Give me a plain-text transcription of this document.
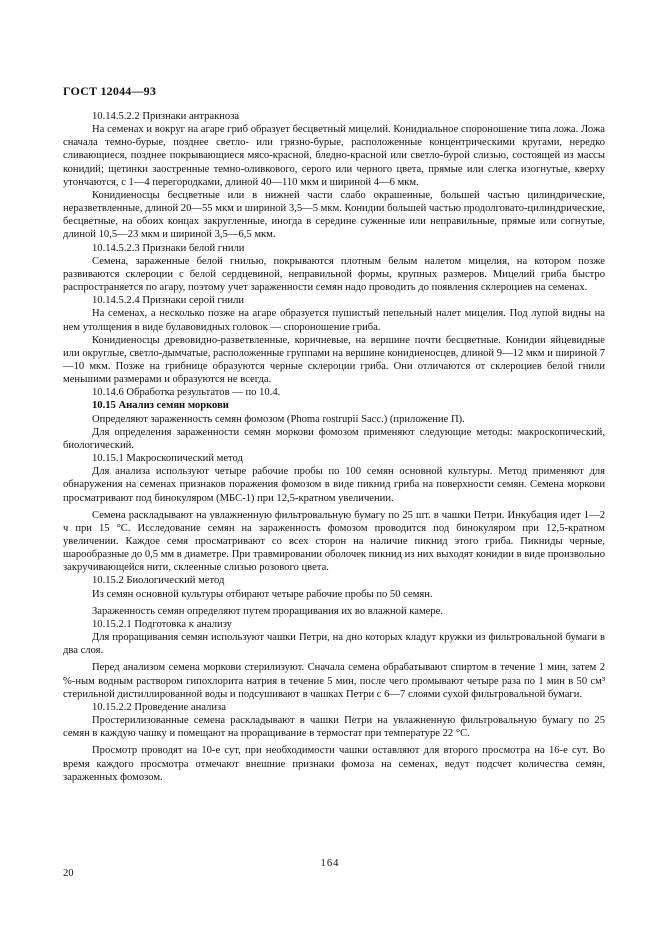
ГОСТ 12044—93

10.14.5.2.2 Признаки антракноза

На семенах и вокруг на агаре гриб образует бесцветный мицелий. Конидиальное спороношение типа ложа. Ложа сначала темно-бурые, позднее светло- или грязно-бурые, расположенные концентрическими кругами, нередко сливающиеся, позднее покрывающиеся мясо-красной, бледно-красной или светло-бурой слизью, состоящей из массы конидий; щетинки заостренные темно-оливкового, серого или черного цвета, прямые или слегка изогнутые, кверху утончаются, с 1—4 перегородками, длиной 40—110 мкм и шириной 4—6 мкм.

Конидиеносцы бесцветные или в нижней части слабо окрашенные, большей частью цилиндрические, неразветвленные, длиной 20—55 мкм и шириной 3,5—5 мкм. Конидии большей частью продолговато-цилиндрические, бесцветные, на обоих концах закругленные, иногда в середине суженные или неправильные, прямые или согнутые, длиной 10,5—23 мкм и шириной 3,5—6,5 мкм.

10.14.5.2.3 Признаки белой гнили

Семена, зараженные белой гнилью, покрываются плотным белым налетом мицелия, на котором позже развиваются склероции с белой сердцевиной, неправильной формы, крупных размеров. Мицелий гриба быстро распространяется по агару, поэтому учет зараженности семян надо проводить до появления склероциев на семенах.

10.14.5.2.4 Признаки серой гнили

На семенах, а несколько позже на агаре образуется пушистый пепельный налет мицелия. Под лупой видны на нем утолщения в виде булавовидных головок — спороношение гриба.

Конидиеносцы древовидно-разветвленные, коричневые, на вершине почти бесцветные. Конидии яйцевидные или округлые, светло-дымчатые, расположенные группами на вершине конидиеносцев, длиной 9—12 мкм и шириной 7—10 мкм. Позже на грибнице образуются черные склероции гриба. Они отличаются от склероциев белой гнили меньшими размерами и образуются не всегда.

10.14.6 Обработка результатов — по 10.4.

10.15 Анализ семян моркови

Определяют зараженность семян фомозом (Phoma rostrupii Sacc.) (приложение П).

Для определения зараженности семян моркови фомозом применяют следующие методы: макроскопический, биологический.

10.15.1 Макроскопический метод

Для анализа используют четыре рабочие пробы по 100 семян основной культуры. Метод применяют для обнаружения на семенах признаков поражения фомозом в виде пикнид гриба на поверхности семян. Семена моркови просматривают под бинокуляром (МБС-1) при 12,5-кратном увеличении.

Семена раскладывают на увлажненную фильтровальную бумагу по 25 шт. в чашки Петри. Инкубация идет 1—2 ч при 15 °С. Исследование семян на зараженность фомозом проводится под бинокуляром при 12,5-кратном увеличении. Каждое семя просматривают со всех сторон на наличие пикнид этого гриба. Пикниды черные, шарообразные до 0,5 мм в диаметре. При травмировании оболочек пикнид из них выходят конидии в виде произвольно закручивающейся нити, склеенные слизью розового цвета.

10.15.2 Биологический метод

Из семян основной культуры отбирают четыре рабочие пробы по 50 семян.

Зараженность семян определяют путем проращивания их во влажной камере.

10.15.2.1 Подготовка к анализу

Для проращивания семян используют чашки Петри, на дно которых кладут кружки из фильтровальной бумаги в два слоя.

Перед анализом семена моркови стерилизуют. Сначала семена обрабатывают спиртом в течение 1 мин, затем 2 %-ным водным раствором гипохлорита натрия в течение 5 мин, после чего промывают четыре раза по 1 мин в 50 см³ стерильной дистиллированной воды и подсушивают в чашках Петри с 6—7 слоями сухой фильтровальной бумаги.

10.15.2.2 Проведение анализа

Простерилизованные семена раскладывают в чашки Петри на увлажненную фильтровальную бумагу по 25 семян в каждую чашку и помещают на проращивание в термостат при температуре 22 °С.

Просмотр проводят на 10-е сут, при необходимости чашки оставляют для второго просмотра на 16-е сут. Во время каждого просмотра отмечают внешние признаки фомоза на семенах, ведут подсчет количества семян, зараженных фомозом.

20
164
